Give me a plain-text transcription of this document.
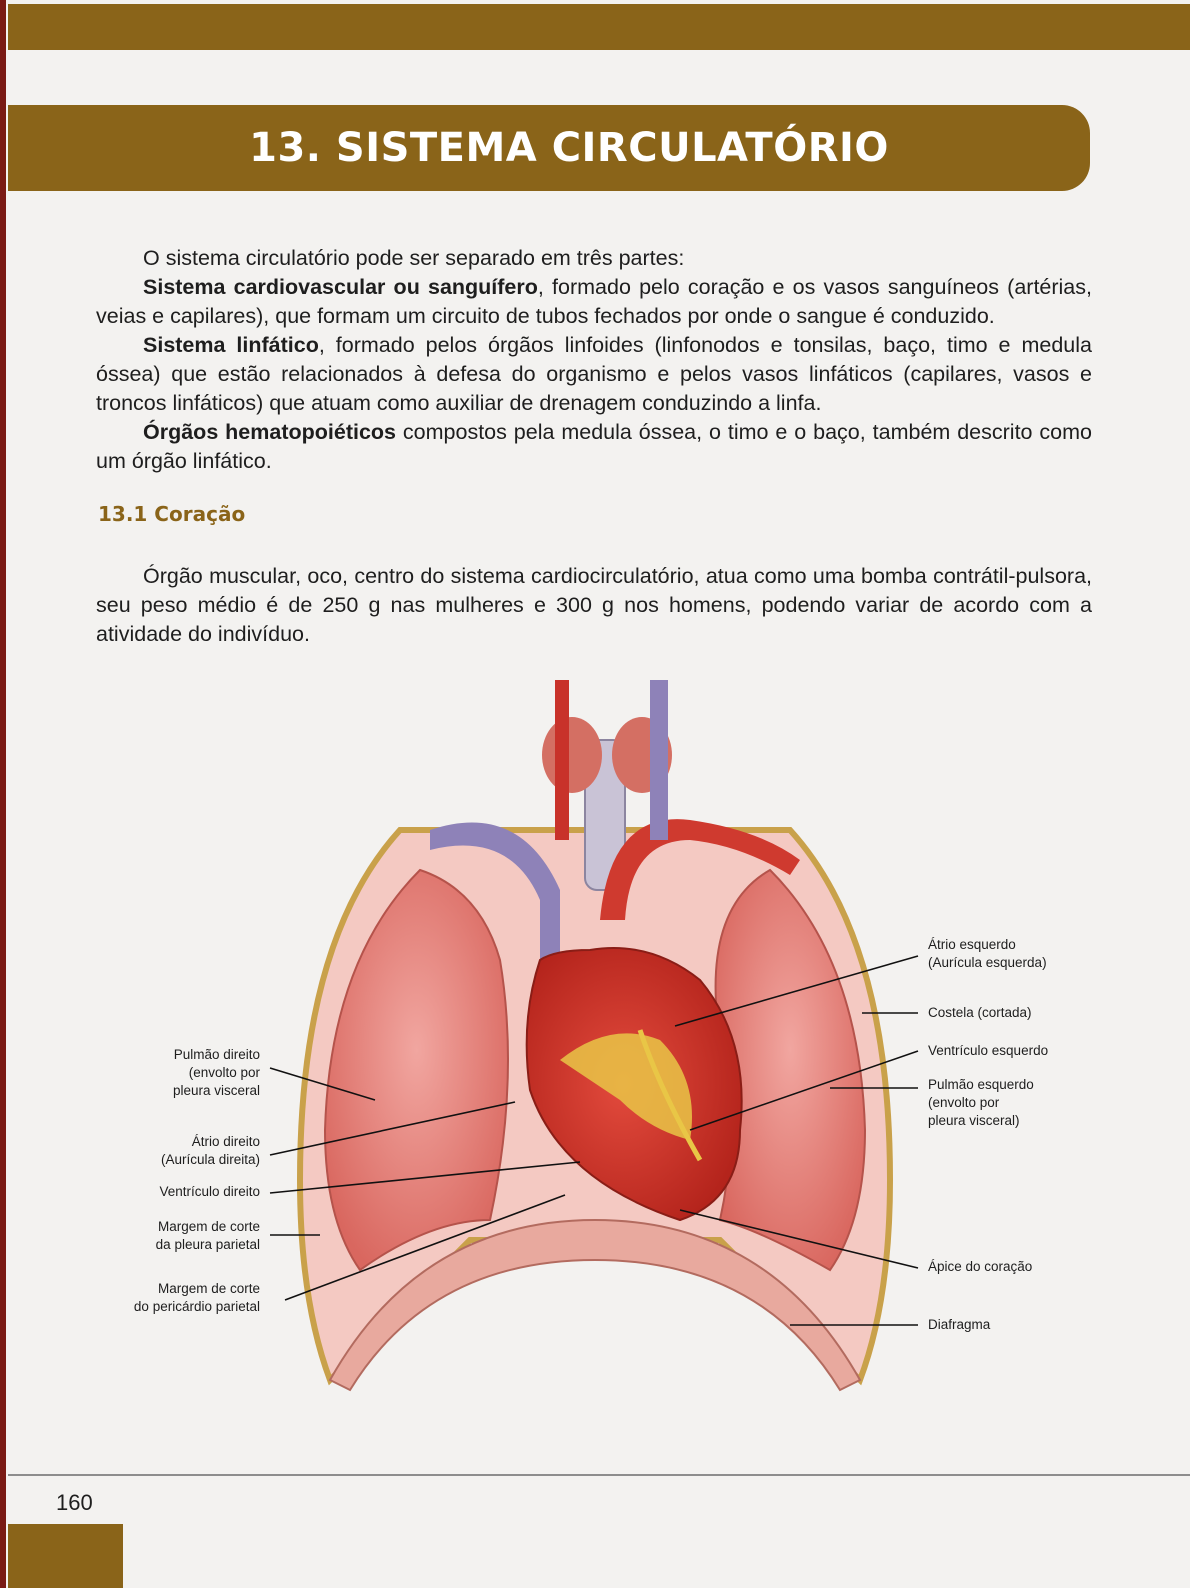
13. SISTEMA CIRCULATÓRIO

O sistema circulatório pode ser separado em três partes:

Sistema cardiovascular ou sanguífero, formado pelo coração e os vasos sanguíneos (artérias, veias e capilares), que formam um circuito de tubos fechados por onde o sangue é conduzido.

Sistema linfático, formado pelos órgãos linfoides (linfonodos e tonsilas, baço, timo e medula óssea) que estão relacionados à defesa do organismo e pelos vasos linfáticos (capilares, vasos e troncos linfáticos) que atuam como auxiliar de drenagem conduzindo a linfa.

Órgãos hematopoiéticos compostos pela medula óssea, o timo e o baço, também descrito como um órgão linfático.

13.1 Coração

Órgão muscular, oco, centro do sistema cardiocirculatório, atua como uma bomba contrátil-pulsora, seu peso médio é de 250 g nas mulheres e 300 g nos homens, podendo variar de acordo com a atividade do indivíduo.

Pulmão direito
(envolto por
pleura visceral
Átrio direito
(Aurícula direita)
Ventrículo direito
Margem de corte
da pleura parietal
Margem de corte
do pericárdio parietal
Átrio esquerdo
(Aurícula esquerda)
Costela (cortada)
Ventrículo esquerdo
Pulmão esquerdo
(envolto por
pleura visceral)
Ápice do coração
Diafragma

160
